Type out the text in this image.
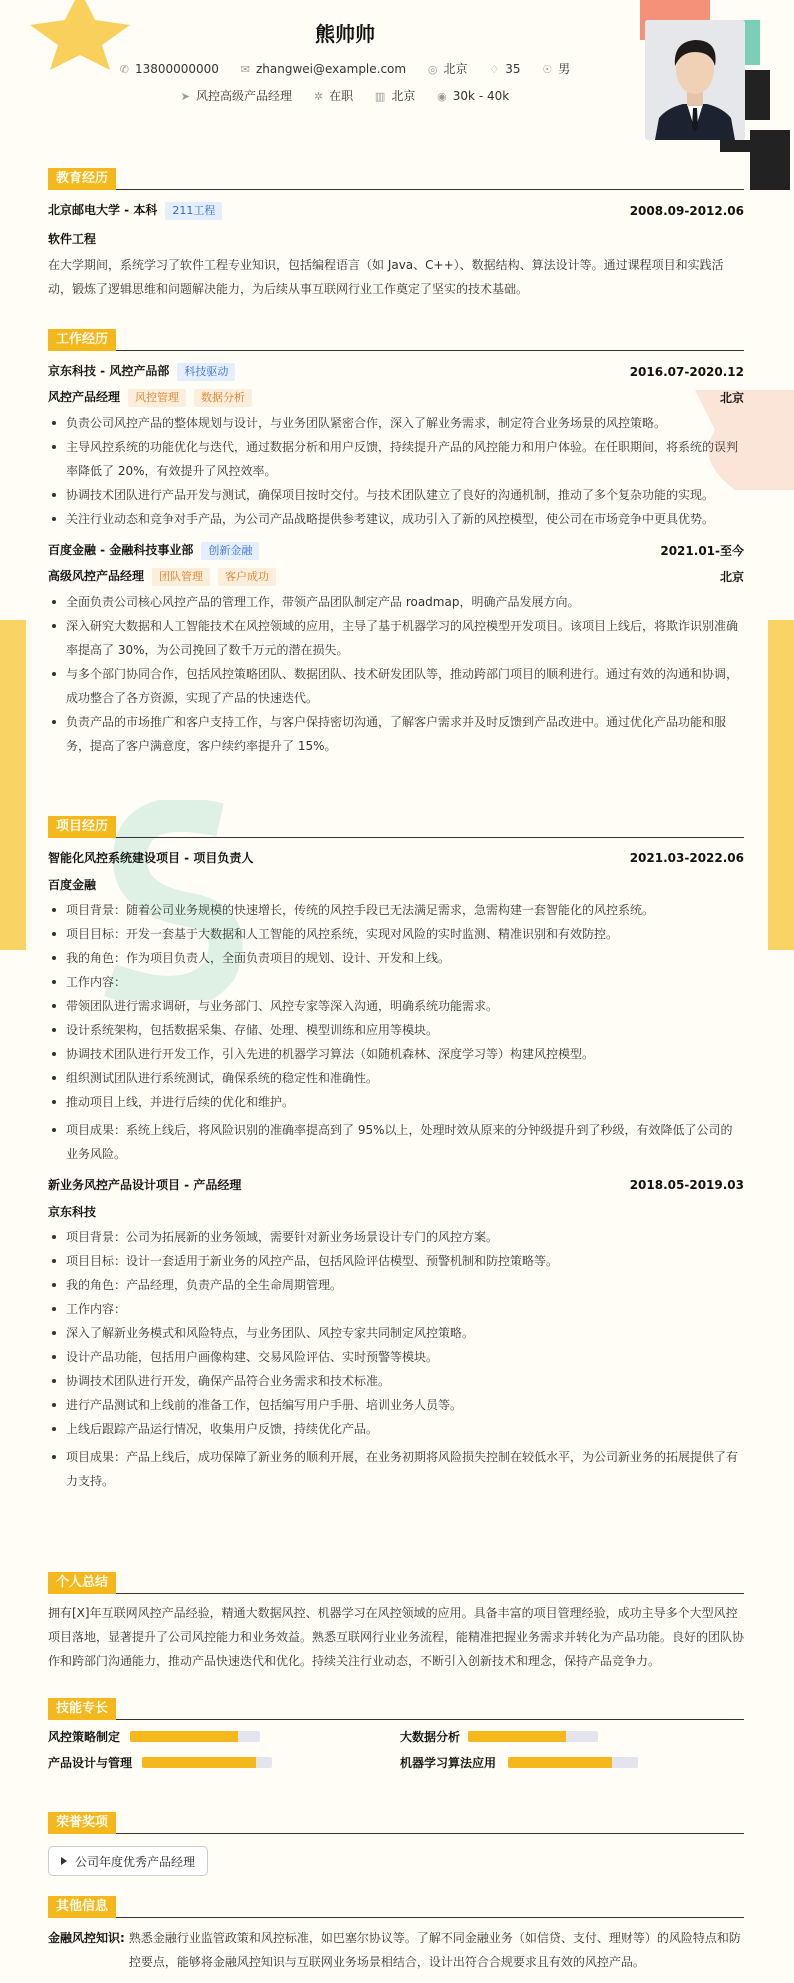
熊帅帅
✆ 13800000000 ✉ zhangwei@example.com ◎ 北京 ♢ 35 ☉ 男
➤ 风控高级产品经理 ✲ 在职 ▥ 北京 ◉ 30k - 40k
教育经历
北京邮电大学 - 本科 211工程	2008.09-2012.06
软件工程
在大学期间，系统学习了软件工程专业知识，包括编程语言（如 Java、C++）、数据结构、算法设计等。通过课程项目和实践活动，锻炼了逻辑思维和问题解决能力，为后续从事互联网行业工作奠定了坚实的技术基础。
工作经历
京东科技 - 风控产品部 科技驱动	2016.07-2020.12
风控产品经理 风控管理 数据分析	北京
负责公司风控产品的整体规划与设计，与业务团队紧密合作，深入了解业务需求，制定符合业务场景的风控策略。
主导风控系统的功能优化与迭代，通过数据分析和用户反馈，持续提升产品的风控能力和用户体验。在任职期间，将系统的误判率降低了 20%，有效提升了风控效率。
协调技术团队进行产品开发与测试，确保项目按时交付。与技术团队建立了良好的沟通机制，推动了多个复杂功能的实现。
关注行业动态和竞争对手产品，为公司产品战略提供参考建议，成功引入了新的风控模型，使公司在市场竞争中更具优势。
百度金融 - 金融科技事业部 创新金融	2021.01-至今
高级风控产品经理 团队管理 客户成功	北京
全面负责公司核心风控产品的管理工作，带领产品团队制定产品 roadmap，明确产品发展方向。
深入研究大数据和人工智能技术在风控领域的应用，主导了基于机器学习的风控模型开发项目。该项目上线后，将欺诈识别准确率提高了 30%，为公司挽回了数千万元的潜在损失。
与多个部门协同合作，包括风控策略团队、数据团队、技术研发团队等，推动跨部门项目的顺利进行。通过有效的沟通和协调，成功整合了各方资源，实现了产品的快速迭代。
负责产品的市场推广和客户支持工作，与客户保持密切沟通，了解客户需求并及时反馈到产品改进中。通过优化产品功能和服务，提高了客户满意度，客户续约率提升了 15%。
项目经历
智能化风控系统建设项目 - 项目负责人	2021.03-2022.06
百度金融
项目背景：随着公司业务规模的快速增长，传统的风控手段已无法满足需求，急需构建一套智能化的风控系统。
项目目标：开发一套基于大数据和人工智能的风控系统，实现对风险的实时监测、精准识别和有效防控。
我的角色：作为项目负责人，全面负责项目的规划、设计、开发和上线。
工作内容：
带领团队进行需求调研，与业务部门、风控专家等深入沟通，明确系统功能需求。
设计系统架构，包括数据采集、存储、处理、模型训练和应用等模块。
协调技术团队进行开发工作，引入先进的机器学习算法（如随机森林、深度学习等）构建风控模型。
组织测试团队进行系统测试，确保系统的稳定性和准确性。
推动项目上线，并进行后续的优化和维护。
项目成果：系统上线后，将风险识别的准确率提高到了 95%以上，处理时效从原来的分钟级提升到了秒级，有效降低了公司的业务风险。
新业务风控产品设计项目 - 产品经理	2018.05-2019.03
京东科技
项目背景：公司为拓展新的业务领域，需要针对新业务场景设计专门的风控方案。
项目目标：设计一套适用于新业务的风控产品，包括风险评估模型、预警机制和防控策略等。
我的角色：产品经理，负责产品的全生命周期管理。
工作内容：
深入了解新业务模式和风险特点，与业务团队、风控专家共同制定风控策略。
设计产品功能，包括用户画像构建、交易风险评估、实时预警等模块。
协调技术团队进行开发，确保产品符合业务需求和技术标准。
进行产品测试和上线前的准备工作，包括编写用户手册、培训业务人员等。
上线后跟踪产品运行情况，收集用户反馈，持续优化产品。
项目成果：产品上线后，成功保障了新业务的顺利开展，在业务初期将风险损失控制在较低水平，为公司新业务的拓展提供了有力支持。
个人总结
拥有[X]年互联网风控产品经验，精通大数据风控、机器学习在风控领域的应用。具备丰富的项目管理经验，成功主导多个大型风控项目落地，显著提升了公司风控能力和业务效益。熟悉互联网行业业务流程，能精准把握业务需求并转化为产品功能。良好的团队协作和跨部门沟通能力，推动产品快速迭代和优化。持续关注行业动态，不断引入创新技术和理念，保持产品竞争力。
技能专长
风控策略制定	大数据分析
产品设计与管理	机器学习算法应用
荣誉奖项
公司年度优秀产品经理
其他信息
金融风控知识: 熟悉金融行业监管政策和风控标准，如巴塞尔协议等。了解不同金融业务（如信贷、支付、理财等）的风险特点和防控要点，能够将金融风控知识与互联网业务场景相结合，设计出符合合规要求且有效的风控产品。
